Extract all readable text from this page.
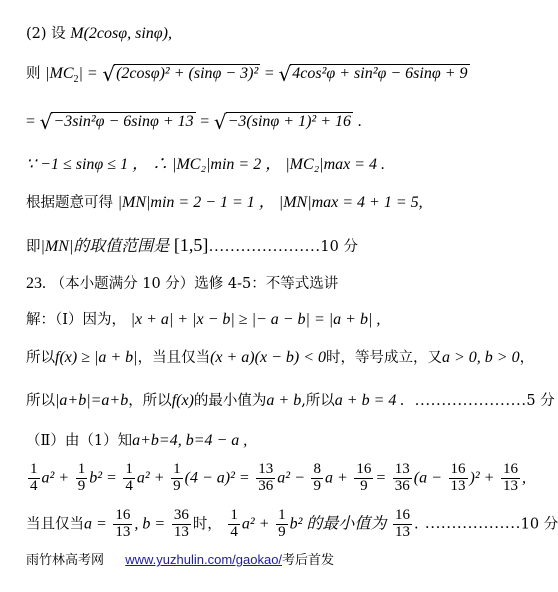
(2) 设 M(2cosφ, sinφ),
则 $|MC_2| = √(2\cos\varphi)^2 + (\sin\varphi - 3)^2 = √4\cos^2\varphi + \sin^2\varphi - 6\sin\varphi + 9$
= √−3sin²φ − 6sinφ + 13 = √−3(sinφ + 1)² + 16 .
∵ −1 ≤ sinφ ≤ 1 ， ∴ |MC₂|min = 2 ， |MC₂|max = 4 .
根据题意可得 |MN|min = 2 − 1 = 1 ， |MN|max = 4 + 1 = 5,
即|MN|的取值范围是 [1,5]…………………10 分
23. （本小题满分 10 分）选修 4-5：不等式选讲
解：（Ⅰ）因为， |x + a| + |x − b| ≥ |− a − b| = |a + b| ,
所以f(x) ≥ |a + b|，当且仅当(x + a)(x − b) < 0时，等号成立，又a > 0, b > 0，
所以|a+b|=a+b，所以f(x)的最小值为a + b,所以a + b = 4 . …………………5 分
（Ⅱ）由（1）知a+b=4, b=4 − a ,
$\frac{1}{4} a^2 + \frac{1}{9} b^2 = \frac{1}{4} a^2 + \frac{1}{9} (4 - a)^2 = \frac{13}{36} a^2 - \frac{8}{9}$ $a + \frac{16}{9} = \frac{13}{36} (a - \frac{16}{13} )^2 + \frac{16}{13}$ ,
当且仅当$a = \frac{16}{13}$ , $b = \frac{36}{13}$ 时， $\frac{1}{4} a^2 + \frac{1}{9} b^2$ 的最小值为 $\frac{16}{13}$ . ………………10 分
雨竹林高考网 www.yuzhulin.com/gaokao/考后首发
